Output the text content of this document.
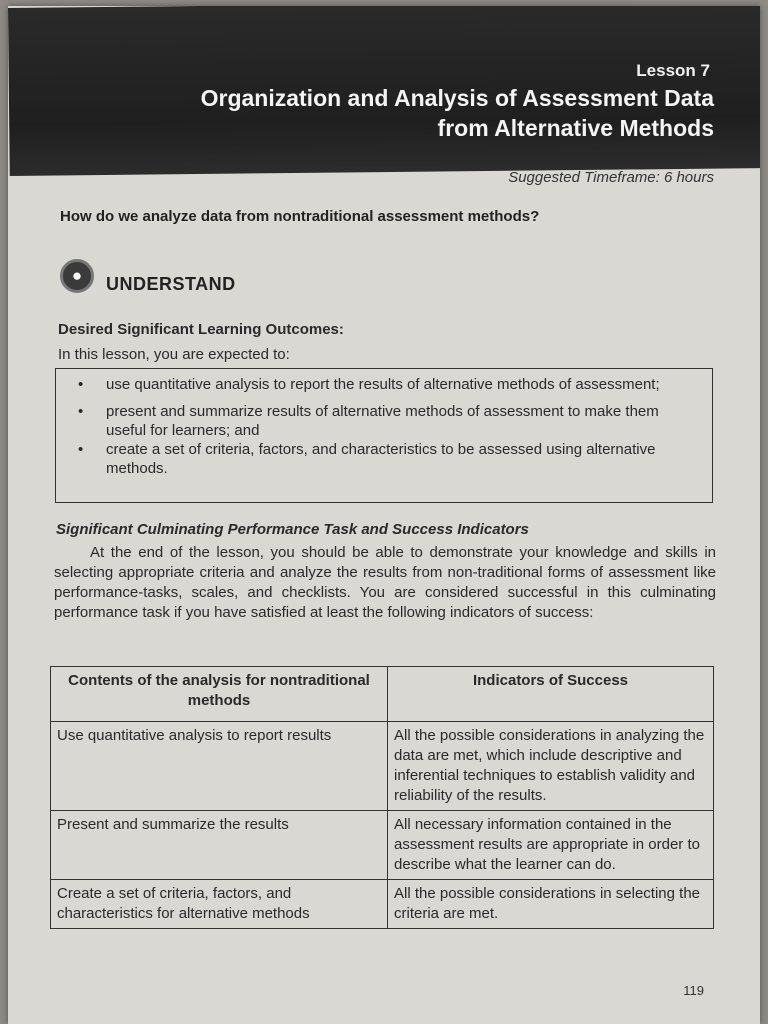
Lesson 7
Organization and Analysis of Assessment Data
from Alternative Methods
Suggested Timeframe: 6 hours
How do we analyze data from nontraditional assessment methods?
●	UNDERSTAND
Desired Significant Learning Outcomes:
In this lesson, you are expected to:
• use quantitative analysis to report the results of alternative methods of assessment;
• present and summarize results of alternative methods of assessment to make them useful for learners; and
• create a set of criteria, factors, and characteristics to be assessed using alternative methods.
Significant Culminating Performance Task and Success Indicators

At the end of the lesson, you should be able to demonstrate your knowledge and skills in selecting appropriate criteria and analyze the results from non-traditional forms of assessment like performance-tasks, scales, and checklists. You are considered successful in this culminating performance task if you have satisfied at least the following indicators of success:

Contents of the analysis for nontraditional methods	Indicators of Success
Use quantitative analysis to report results	All the possible considerations in analyzing the data are met, which include descriptive and inferential techniques to establish validity and reliability of the results.
Present and summarize the results	All necessary information contained in the assessment results are appropriate in order to describe what the learner can do.
Create a set of criteria, factors, and characteristics for alternative methods	All the possible considerations in selecting the criteria are met.
119
